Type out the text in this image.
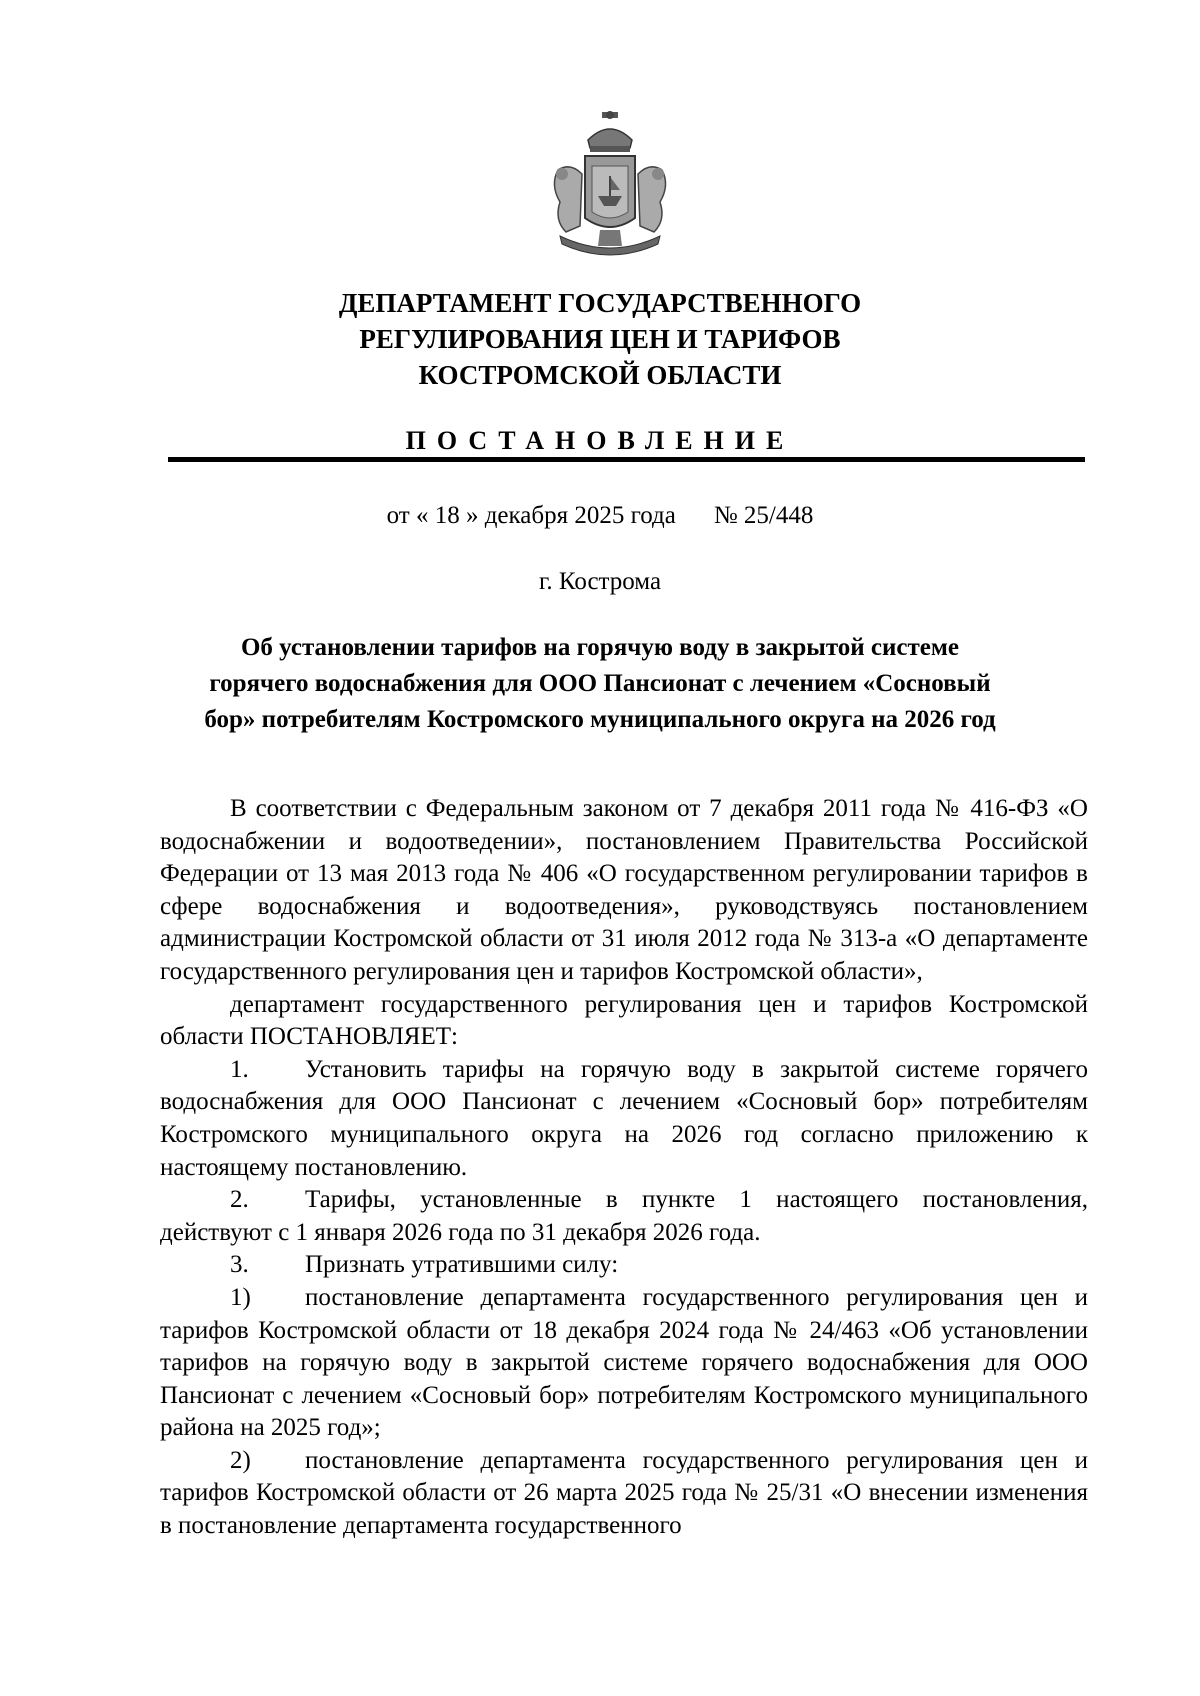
ДЕПАРТАМЕНТ ГОСУДАРСТВЕННОГО
РЕГУЛИРОВАНИЯ ЦЕН И ТАРИФОВ
КОСТРОМСКОЙ ОБЛАСТИ
ПОСТАНОВЛЕНИЕ
от « 18 » декабря 2025 года № 25/448
г. Кострома
Об установлении тарифов на горячую воду в закрытой системе
горячего водоснабжения для ООО Пансионат с лечением «Сосновый
бор» потребителям Костромского муниципального округа на 2026 год

В соответствии с Федеральным законом от 7 декабря 2011 года № 416-ФЗ «О водоснабжении и водоотведении», постановлением Правительства Российской Федерации от 13 мая 2013 года № 406 «О государственном регулировании тарифов в сфере водоснабжения и водоотведения», руководствуясь постановлением администрации Костромской области от 31 июля 2012 года № 313-а «О департаменте государственного регулирования цен и тарифов Костромской области»,

департамент государственного регулирования цен и тарифов Костромской области ПОСТАНОВЛЯЕТ:

1. Установить тарифы на горячую воду в закрытой системе горячего водоснабжения для ООО Пансионат с лечением «Сосновый бор» потребителям Костромского муниципального округа на 2026 год согласно приложению к настоящему постановлению.

2. Тарифы, установленные в пункте 1 настоящего постановления, действуют с 1 января 2026 года по 31 декабря 2026 года.

3. Признать утратившими силу:

1) постановление департамента государственного регулирования цен и тарифов Костромской области от 18 декабря 2024 года № 24/463 «Об установлении тарифов на горячую воду в закрытой системе горячего водоснабжения для ООО Пансионат с лечением «Сосновый бор» потребителям Костромского муниципального района на 2025 год»;

2) постановление департамента государственного регулирования цен и тарифов Костромской области от 26 марта 2025 года № 25/31 «О внесении изменения в постановление департамента государственного
